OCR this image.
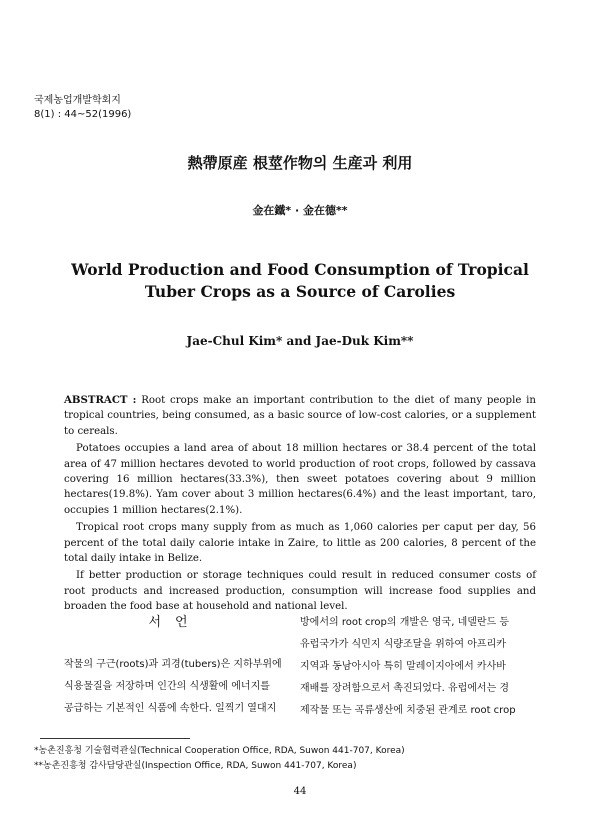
국제농업개발학회지
8(1) : 44~52(1996)
熱帶原産 根莖作物의 生産과 利用
金在鐵* · 金在德**
World Production and Food Consumption of Tropical
Tuber Crops as a Source of Carolies
Jae-Chul Kim* and Jae-Duk Kim**

ABSTRACT : Root crops make an important contribution to the diet of many people in tropical countries, being consumed, as a basic source of low-cost calories, or a supplement to cereals.

Potatoes occupies a land area of about 18 million hectares or 38.4 percent of the total area of 47 million hectares devoted to world production of root crops, followed by cassava covering 16 million hectares(33.3%), then sweet potatoes covering about 9 million hectares(19.8%). Yam cover about 3 million hectares(6.4%) and the least important, taro, occupies 1 million hectares(2.1%).

Tropical root crops many supply from as much as 1,060 calories per caput per day, 56 percent of the total daily calorie intake in Zaire, to little as 200 calories, 8 percent of the total daily intake in Belize.

If better production or storage techniques could result in reduced consumer costs of root products and increased production, consumption will increase food supplies and broaden the food base at household and national level.

서언
작물의 구근(roots)과 괴경(tubers)은 지하부위에
식용물질을 저장하며 인간의 식생활에 에너지를
공급하는 기본적인 식품에 속한다. 일찍기 열대지
방에서의 root crop의 개발은 영국, 네델란드 등
유럽국가가 식민지 식량조달을 위하여 아프리카
지역과 동남아시아 특히 말레이지아에서 카사바
재배를 장려함으로서 촉진되었다. 유럽에서는 경
제작물 또는 곡류생산에 치중된 관계로 root crop
*농촌진흥청 기술협력관실(Technical Cooperation Office, RDA, Suwon 441-707, Korea)
**농촌진흥청 감사담당관실(Inspection Office, RDA, Suwon 441-707, Korea)
44
